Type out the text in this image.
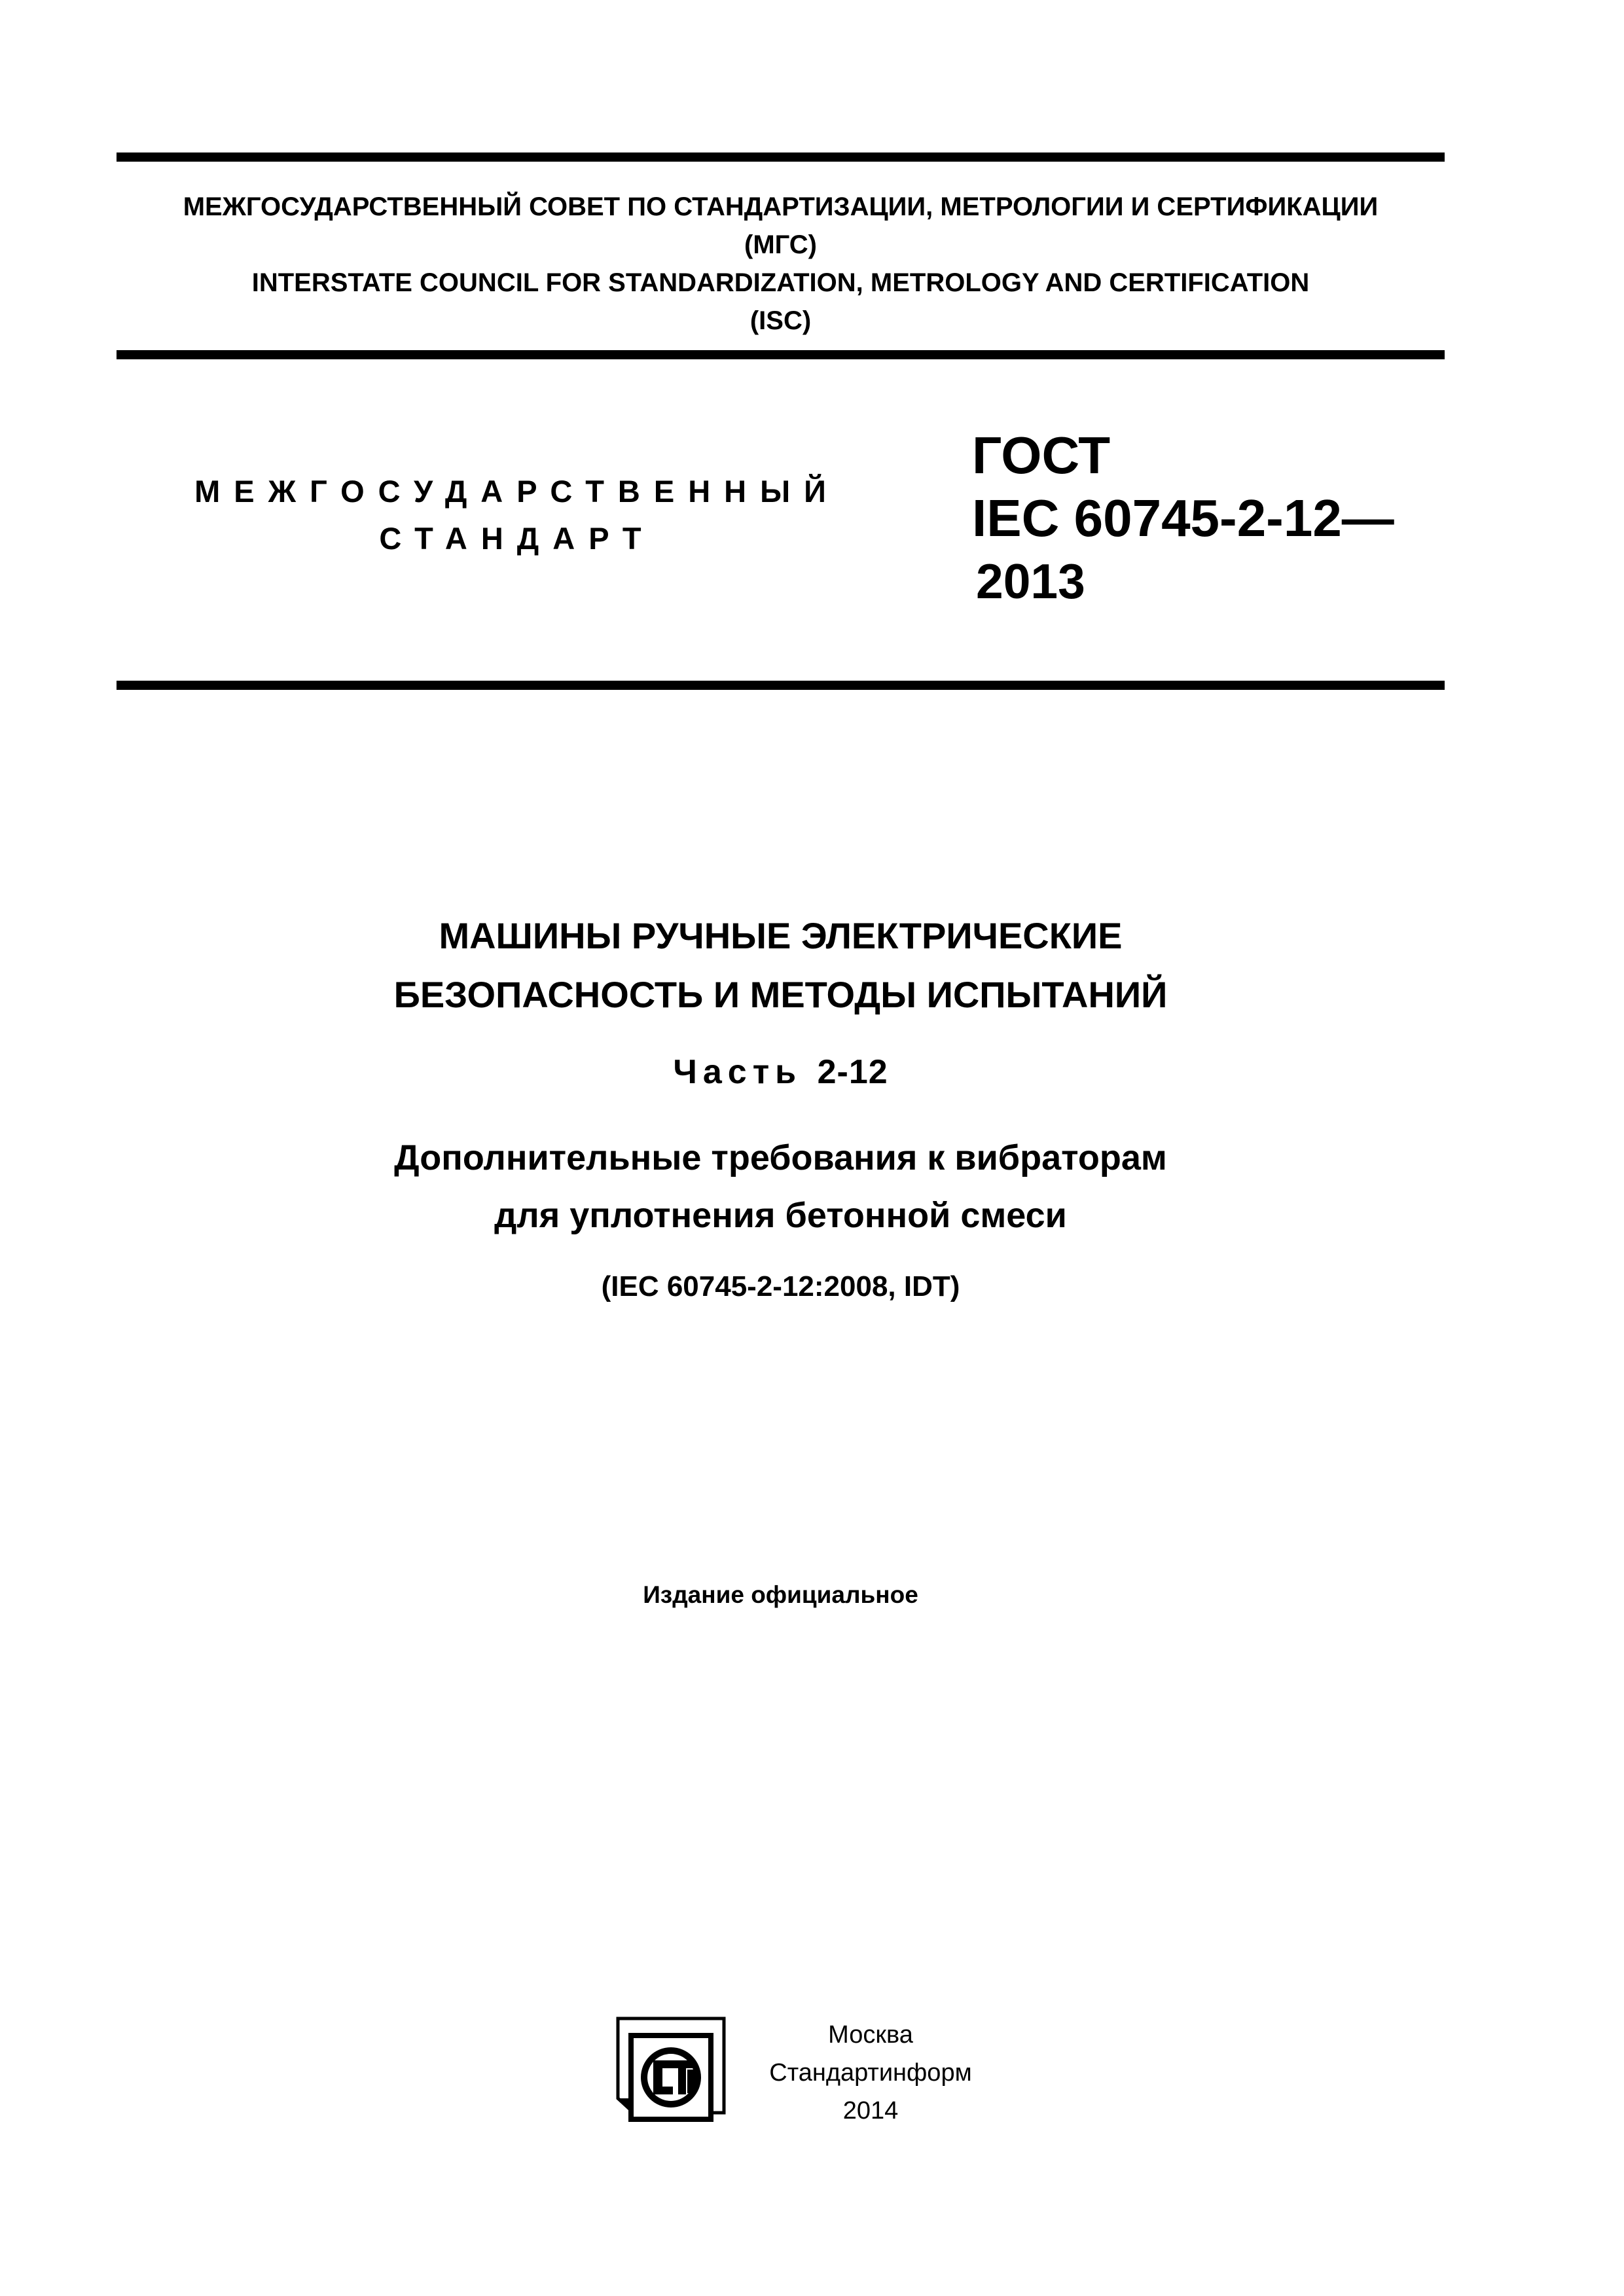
МЕЖГОСУДАРСТВЕННЫЙ СОВЕТ ПО СТАНДАРТИЗАЦИИ, МЕТРОЛОГИИ И СЕРТИФИКАЦИИ
(МГС)
INTERSTATE COUNCIL FOR STANDARDIZATION, METROLOGY AND CERTIFICATION
(ISC)
МЕЖГОСУДАРСТВЕННЫЙ
СТАНДАРТ
ГОСТ
IEC 60745-2-12—
2013
МАШИНЫ РУЧНЫЕ ЭЛЕКТРИЧЕСКИЕ
БЕЗОПАСНОСТЬ И МЕТОДЫ ИСПЫТАНИЙ
Часть 2-12
Дополнительные требования к вибраторам
для уплотнения бетонной смеси
(IEC 60745-2-12:2008, IDT)
Издание официальное
Москва
Стандартинформ
2014
